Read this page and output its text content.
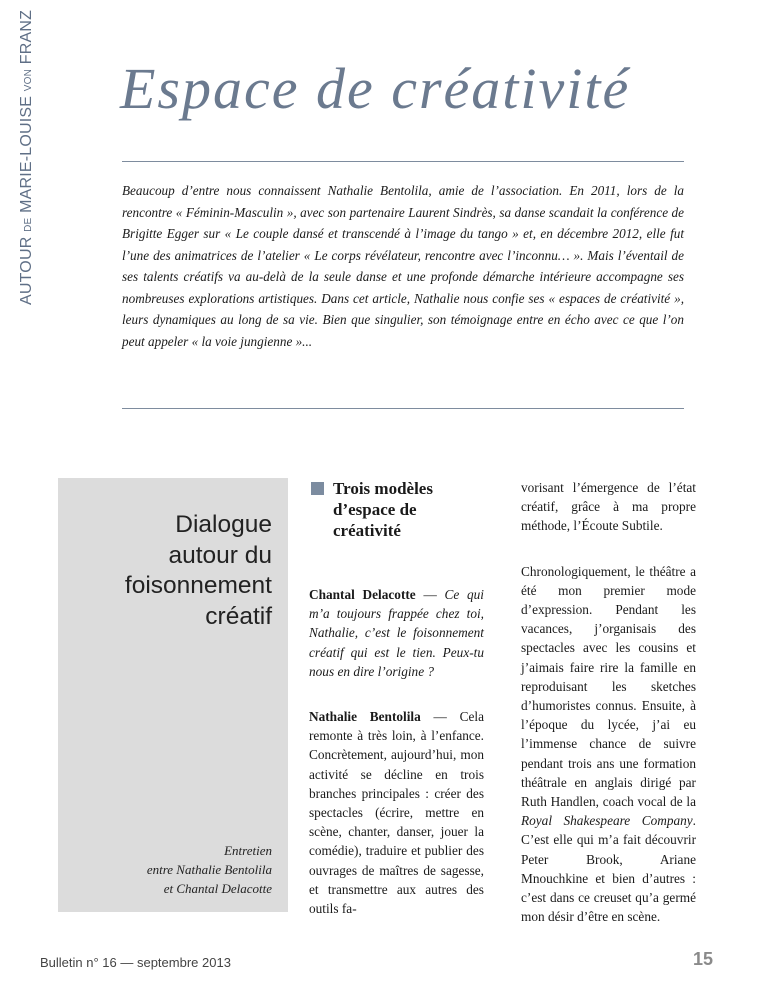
AUTOUR DE MARIE-LOUISE VON FRANZ
Espace de créativité

Beaucoup d’entre nous connaissent Nathalie Bentolila, amie de l’association. En 2011, lors de la rencontre « Féminin-Masculin », avec son partenaire Laurent Sindrès, sa danse scandait la conférence de Brigitte Egger sur « Le couple dansé et transcendé à l’image du tango » et, en décembre 2012, elle fut l’une des animatrices de l’atelier « Le corps révélateur, rencontre avec l’inconnu… ». Mais l’éventail de ses talents créatifs va au-delà de la seule danse et une profonde démarche intérieure accompagne ses nombreuses explorations artistiques. Dans cet article, Nathalie nous confie ses « espaces de créativité », leurs dynamiques au long de sa vie. Bien que singulier, son témoignage entre en écho avec ce que l’on peut appeler « la voie jungienne »...

Dialogue
autour du
foisonnement
créatif

Entretien
entre Nathalie Bentolila
et Chantal Delacotte

Trois modèles
d’espace de
créativité

Chantal Delacotte — Ce qui m’a toujours frappée chez toi, Nathalie, c’est le foisonnement créatif qui est le tien. Peux-tu nous en dire l’origine ?

Nathalie Bentolila — Cela remonte à très loin, à l’enfance. Concrètement, aujourd’hui, mon activité se décline en trois branches principales : créer des spectacles (écrire, mettre en scène, chanter, danser, jouer la comédie), traduire et publier des ouvrages de maîtres de sagesse, et transmettre aux autres des outils fa-

vorisant l’émergence de l’état créatif, grâce à ma propre méthode, l’Écoute Subtile.

Chronologiquement, le théâtre a été mon premier mode d’expression. Pendant les vacances, j’organisais des spectacles avec les cousins et j’aimais faire rire la famille en reproduisant les sketches d’humoristes connus. Ensuite, à l’époque du lycée, j’ai eu l’immense chance de suivre pendant trois ans une formation théâtrale en anglais dirigé par Ruth Handlen, coach vocal de la Royal Shakespeare Company. C’est elle qui m’a fait découvrir Peter Brook, Ariane Mnouchkine et bien d’autres : c’est dans ce creuset qu’a germé mon désir d’être en scène.

Bulletin n° 16 — septembre 2013	15
